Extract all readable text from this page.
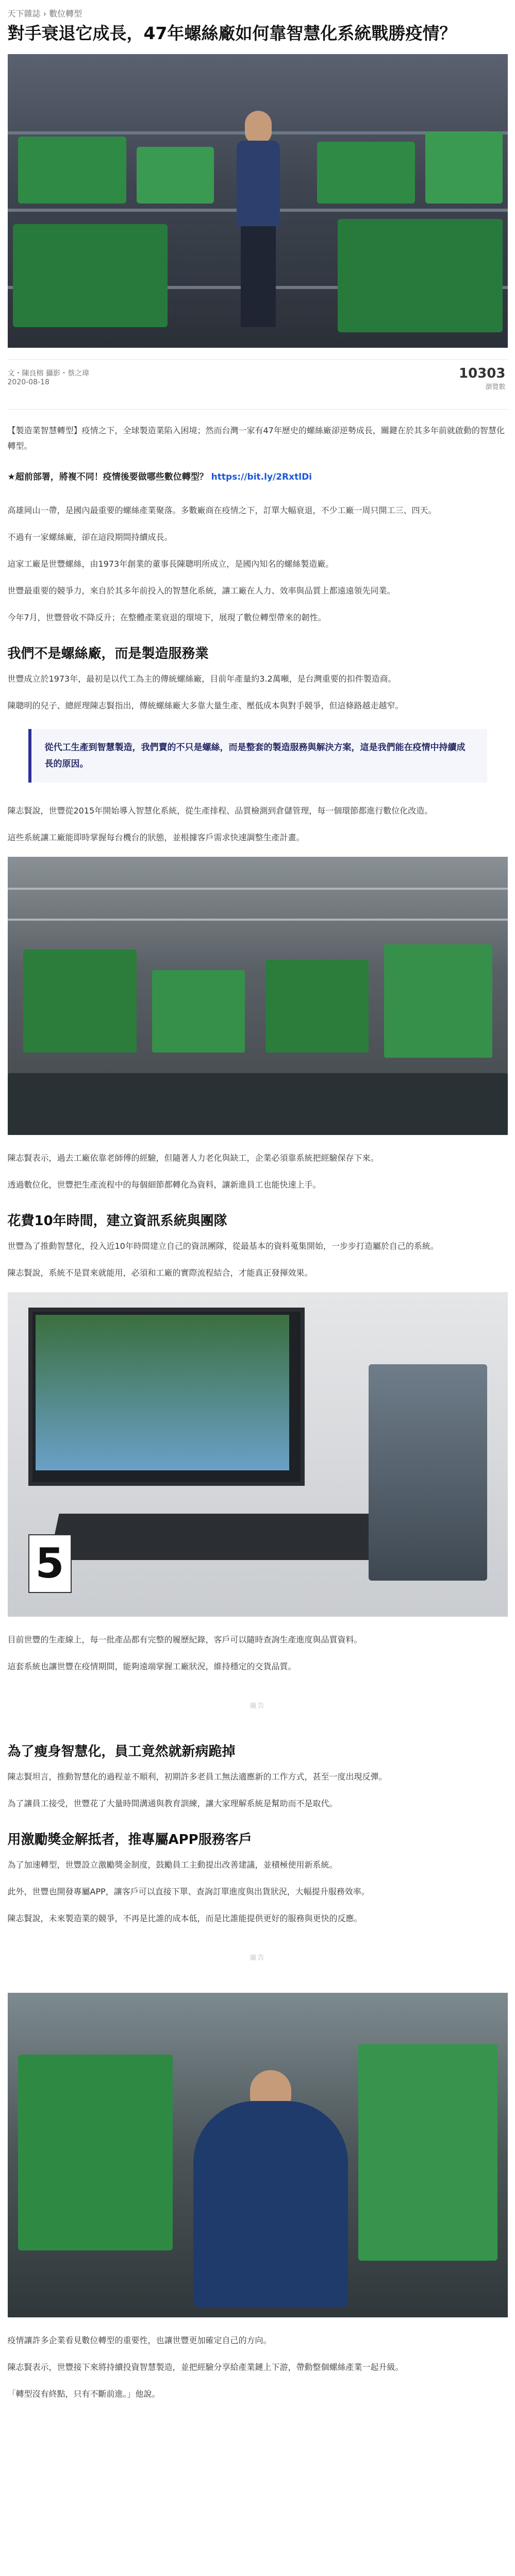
天下雜誌 › 數位轉型
對手衰退它成長，47年螺絲廠如何靠智慧化系統戰勝疫情？
文・陳良榕 攝影・蔡之瑋
2020-08-18
10303
瀏覽數

【製造業智慧轉型】疫情之下，全球製造業陷入困境；然而台灣一家有47年歷史的螺絲廠卻逆勢成長，關鍵在於其多年前就啟動的智慧化轉型。

★超前部署，將複不同！疫情後要做哪些數位轉型？ https://bit.ly/2RxtlDi

高雄岡山一帶，是國內最重要的螺絲產業聚落。多數廠商在疫情之下，訂單大幅衰退，不少工廠一周只開工三、四天。

不過有一家螺絲廠，卻在這段期間持續成長。

這家工廠是世豐螺絲，由1973年創業的董事長陳聰明所成立，是國內知名的螺絲製造廠。

世豐最重要的競爭力，來自於其多年前投入的智慧化系統，讓工廠在人力、效率與品質上都遠遠領先同業。

今年7月，世豐營收不降反升；在整體產業衰退的環境下，展現了數位轉型帶來的韌性。

我們不是螺絲廠，而是製造服務業

世豐成立於1973年，最初是以代工為主的傳統螺絲廠，目前年產量約3.2萬噸，是台灣重要的扣件製造商。

陳聰明的兒子、總經理陳志賢指出，傳統螺絲廠大多靠大量生產、壓低成本與對手競爭，但這條路越走越窄。

從代工生產到智慧製造，我們賣的不只是螺絲，而是整套的製造服務與解決方案，這是我們能在疫情中持續成長的原因。

陳志賢說，世豐從2015年開始導入智慧化系統，從生產排程、品質檢測到倉儲管理，每一個環節都進行數位化改造。

這些系統讓工廠能即時掌握每台機台的狀態，並根據客戶需求快速調整生產計畫。

陳志賢表示，過去工廠依靠老師傅的經驗，但隨著人力老化與缺工，企業必須靠系統把經驗保存下來。

透過數位化，世豐把生產流程中的每個細節都轉化為資料，讓新進員工也能快速上手。

花費10年時間，建立資訊系統與團隊

世豐為了推動智慧化，投入近10年時間建立自己的資訊團隊，從最基本的資料蒐集開始，一步步打造屬於自己的系統。

陳志賢說，系統不是買來就能用，必須和工廠的實際流程結合，才能真正發揮效果。

5

目前世豐的生產線上，每一批產品都有完整的履歷紀錄，客戶可以隨時查詢生產進度與品質資料。

這套系統也讓世豐在疫情期間，能夠遠端掌握工廠狀況，維持穩定的交貨品質。

廣告
為了瘦身智慧化，員工竟然就新病跪掉

陳志賢坦言，推動智慧化的過程並不順利，初期許多老員工無法適應新的工作方式，甚至一度出現反彈。

為了讓員工接受，世豐花了大量時間溝通與教育訓練，讓大家理解系統是幫助而不是取代。

用激勵獎金解抵者，推專屬APP服務客戶

為了加速轉型，世豐設立激勵獎金制度，鼓勵員工主動提出改善建議，並積極使用新系統。

此外，世豐也開發專屬APP，讓客戶可以直接下單、查詢訂單進度與出貨狀況，大幅提升服務效率。

陳志賢說，未來製造業的競爭，不再是比誰的成本低，而是比誰能提供更好的服務與更快的反應。

廣告

疫情讓許多企業看見數位轉型的重要性，也讓世豐更加確定自己的方向。

陳志賢表示，世豐接下來將持續投資智慧製造，並把經驗分享給產業鏈上下游，帶動整個螺絲產業一起升級。

「轉型沒有終點，只有不斷前進。」他說。
